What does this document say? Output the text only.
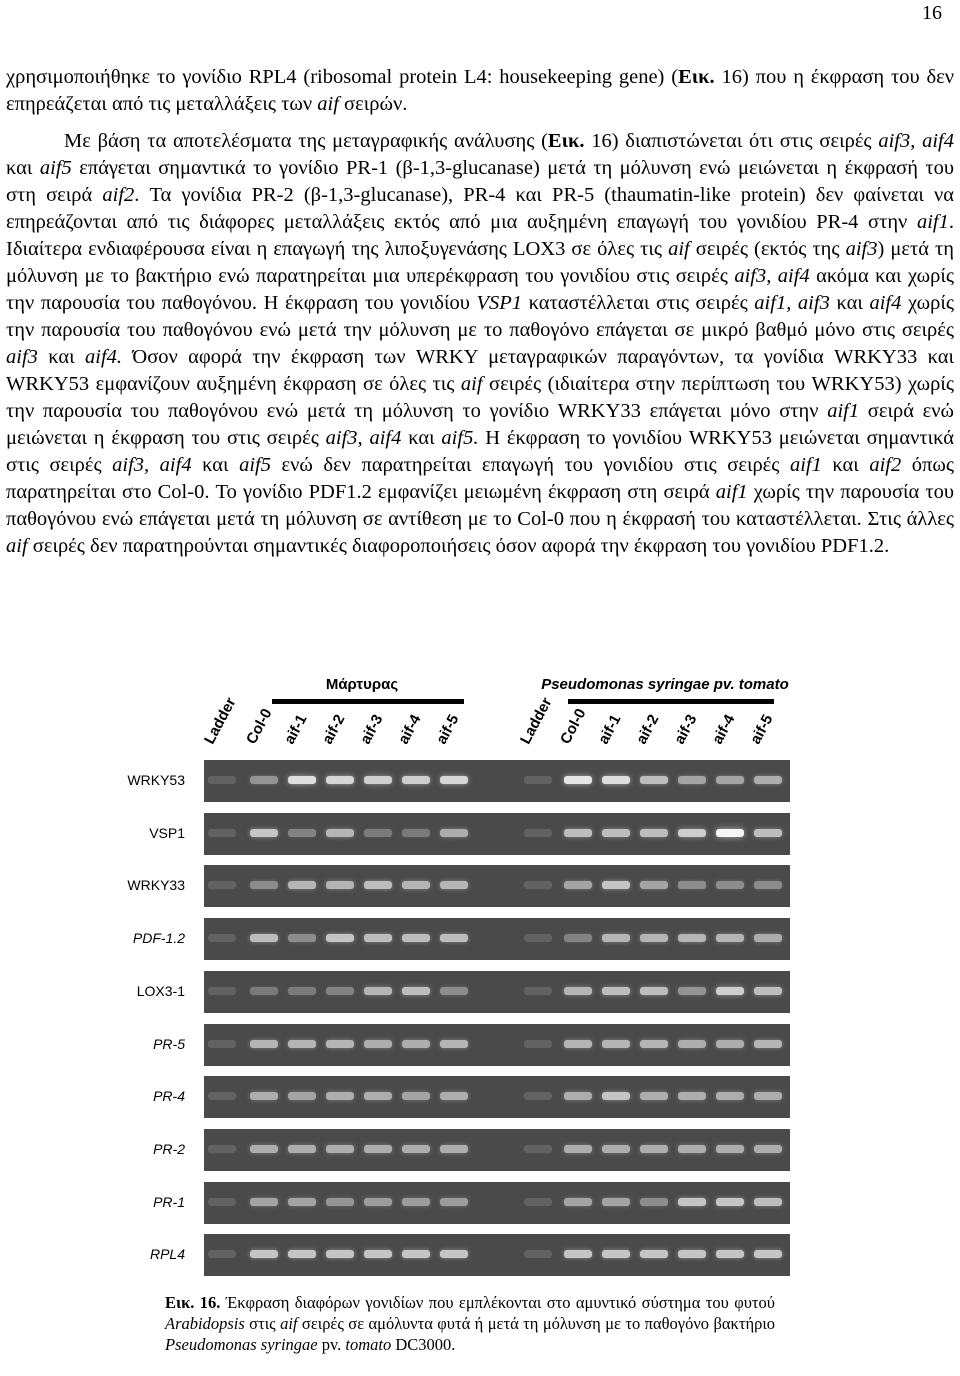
16

χρησιμοποιήθηκε το γονίδιο RPL4 (ribosomal protein L4: housekeeping gene) (Εικ. 16) που η έκφραση του δεν επηρεάζεται από τις μεταλλάξεις των aif σειρών.

Με βάση τα αποτελέσματα της μεταγραφικής ανάλυσης (Εικ. 16) διαπιστώνεται ότι στις σειρές aif3, aif4 και aif5 επάγεται σημαντικά το γονίδιο PR-1 (β-1,3-glucanase) μετά τη μόλυνση ενώ μειώνεται η έκφρασή του στη σειρά aif2. Τα γονίδια PR-2 (β-1,3-glucanase), PR-4 και PR-5 (thaumatin-like protein) δεν φαίνεται να επηρεάζονται από τις διάφορες μεταλλάξεις εκτός από μια αυξημένη επαγωγή του γονιδίου PR-4 στην aif1. Ιδιαίτερα ενδιαφέρουσα είναι η επαγωγή της λιποξυγενάσης LOX3 σε όλες τις aif σειρές (εκτός της aif3) μετά τη μόλυνση με το βακτήριο ενώ παρατηρείται μια υπερέκφραση του γονιδίου στις σειρές aif3, aif4 ακόμα και χωρίς την παρουσία του παθογόνου. Η έκφραση του γονιδίου VSP1 καταστέλλεται στις σειρές aif1, aif3 και aif4 χωρίς την παρουσία του παθογόνου ενώ μετά την μόλυνση με το παθογόνο επάγεται σε μικρό βαθμό μόνο στις σειρές aif3 και aif4. Όσον αφορά την έκφραση των WRKY μεταγραφικών παραγόντων, τα γονίδια WRKY33 και WRKY53 εμφανίζουν αυξημένη έκφραση σε όλες τις aif σειρές (ιδιαίτερα στην περίπτωση του WRKY53) χωρίς την παρουσία του παθογόνου ενώ μετά τη μόλυνση το γονίδιο WRKY33 επάγεται μόνο στην aif1 σειρά ενώ μειώνεται η έκφραση του στις σειρές aif3, aif4 και aif5. Η έκφραση το γονιδίου WRKY53 μειώνεται σημαντικά στις σειρές aif3, aif4 και aif5 ενώ δεν παρατηρείται επαγωγή του γονιδίου στις σειρές aif1 και aif2 όπως παρατηρείται στο Col-0. Το γονίδιο PDF1.2 εμφανίζει μειωμένη έκφραση στη σειρά aif1 χωρίς την παρουσία του παθογόνου ενώ επάγεται μετά τη μόλυνση σε αντίθεση με το Col-0 που η έκφρασή του καταστέλλεται. Στις άλλες aif σειρές δεν παρατηρούνται σημαντικές διαφοροποιήσεις όσον αφορά την έκφραση του γονιδίου PDF1.2.

Μάρτυρας	Pseudomonas syringae pv. tomato
Ladder Col-0 aif-1 aif-2 aif-3 aif-4 aif-5	Ladder Col-0 aif-1 aif-2 aif-3 aif-4 aif-5
WRKY53
VSP1
WRKY33
PDF-1.2
LOX3-1
PR-5
PR-4
PR-2
PR-1
RPL4
Εικ. 16. Έκφραση διαφόρων γονιδίων που εμπλέκονται στο αμυντικό σύστημα του φυτού Arabidopsis στις aif σειρές σε αμόλυντα φυτά ή μετά τη μόλυνση με το παθογόνο βακτήριο Pseudomonas syringae pv. tomato DC3000.
